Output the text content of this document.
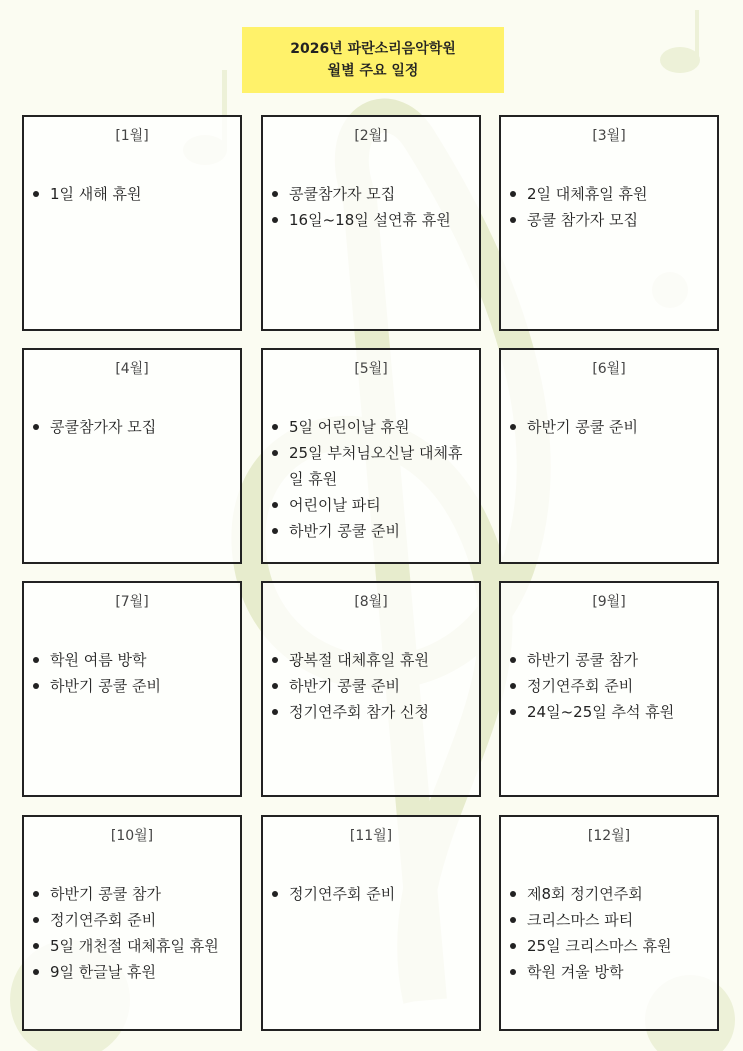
2026년 파란소리음악학원
월별 주요 일정
[1월]
1일 새해 휴원
[2월]
콩쿨참가자 모집
16일~18일 설연휴 휴원
[3월]
2일 대체휴일 휴원
콩쿨 참가자 모집
[4월]
콩쿨참가자 모집
[5월]
5일 어린이날 휴원
25일 부처님오신날 대체휴일 휴원
어린이날 파티
하반기 콩쿨 준비
[6월]
하반기 콩쿨 준비
[7월]
학원 여름 방학
하반기 콩쿨 준비
[8월]
광복절 대체휴일 휴원
하반기 콩쿨 준비
정기연주회 참가 신청
[9월]
하반기 콩쿨 참가
정기연주회 준비
24일~25일 추석 휴원
[10월]
하반기 콩쿨 참가
정기연주회 준비
5일 개천절 대체휴일 휴원
9일 한글날 휴원
[11월]
정기연주회 준비
[12월]
제8회 정기연주회
크리스마스 파티
25일 크리스마스 휴원
학원 겨울 방학
